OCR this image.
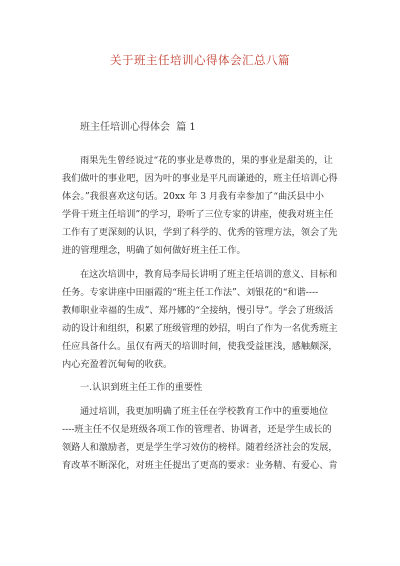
关于班主任培训心得体会汇总八篇
班主任培训心得体会 篇 1
雨果先生曾经说过“花的事业是尊贵的，果的事业是甜美的，让
我们做叶的事业吧，因为叶的事业是平凡而谦逊的，班主任培训心得
体会。”我很喜欢这句话。20xx 年 3 月我有幸参加了“曲沃县中小
学骨干班主任培训”的学习，聆听了三位专家的讲座，使我对班主任
工作有了更深刻的认识，学到了科学的、优秀的管理方法，领会了先
进的管理理念，明确了如何做好班主任工作。
在这次培训中，教育局李局长讲明了班主任培训的意义、目标和
任务。专家讲座中田丽霞的“班主任工作法”、刘银花的“和谐----
教师职业幸福的生成”、郑丹娜的“全接纳，慢引导”。学会了班级活
动的设计和组织，积累了班级管理的妙招，明白了作为一名优秀班主
任应具备什么。虽仅有两天的培训时间，使我受益匪浅，感触颇深，
内心充盈着沉甸甸的收获。
一.认识到班主任工作的重要性
通过培训，我更加明确了班主任在学校教育工作中的重要地位
----班主任不仅是班级各项工作的管理者、协调者，还是学生成长的
领路人和激励者，更是学生学习效仿的榜样。随着经济社会的发展，
育改革不断深化，对班主任提出了更高的要求：业务精、有爱心、肯
